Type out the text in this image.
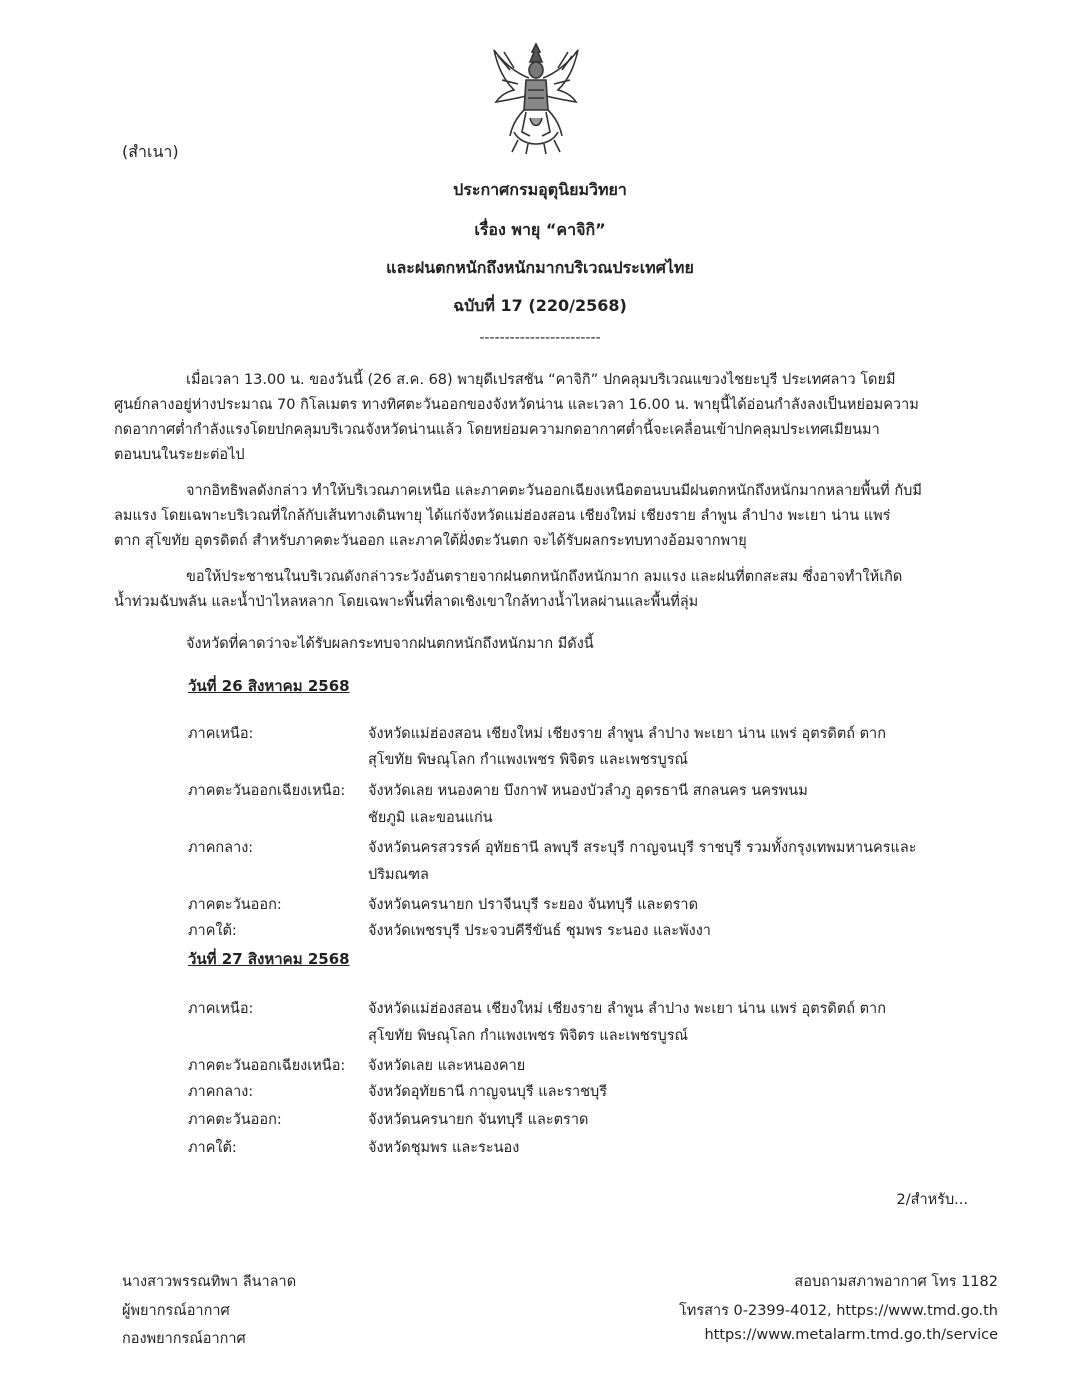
(สำเนา)
ประกาศกรมอุตุนิยมวิทยา
เรื่อง พายุ “คาจิกิ”
และฝนตกหนักถึงหนักมากบริเวณประเทศไทย
ฉบับที่ 17 (220/2568)
------------------------
เมื่อเวลา 13.00 น. ของวันนี้ (26 ส.ค. 68) พายุดีเปรสชัน “คาจิกิ” ปกคลุมบริเวณแขวงไชยะบุรี ประเทศลาว โดยมี
ศูนย์กลางอยู่ห่างประมาณ 70 กิโลเมตร ทางทิศตะวันออกของจังหวัดน่าน และเวลา 16.00 น. พายุนี้ได้อ่อนกำลังลงเป็นหย่อมความ
กดอากาศต่ำกำลังแรงโดยปกคลุมบริเวณจังหวัดน่านแล้ว โดยหย่อมความกดอากาศต่ำนี้จะเคลื่อนเข้าปกคลุมประเทศเมียนมา
ตอนบนในระยะต่อไป
จากอิทธิพลดังกล่าว ทำให้บริเวณภาคเหนือ และภาคตะวันออกเฉียงเหนือตอนบนมีฝนตกหนักถึงหนักมากหลายพื้นที่ กับมี
ลมแรง โดยเฉพาะบริเวณที่ใกล้กับเส้นทางเดินพายุ ได้แก่จังหวัดแม่ฮ่องสอน เชียงใหม่ เชียงราย ลำพูน ลำปาง พะเยา น่าน แพร่
ตาก สุโขทัย อุตรดิตถ์ สำหรับภาคตะวันออก และภาคใต้ฝั่งตะวันตก จะได้รับผลกระทบทางอ้อมจากพายุ
ขอให้ประชาชนในบริเวณดังกล่าวระวังอันตรายจากฝนตกหนักถึงหนักมาก ลมแรง และฝนที่ตกสะสม ซึ่งอาจทำให้เกิด
น้ำท่วมฉับพลัน และน้ำป่าไหลหลาก โดยเฉพาะพื้นที่ลาดเชิงเขาใกล้ทางน้ำไหลผ่านและพื้นที่ลุ่ม
จังหวัดที่คาดว่าจะได้รับผลกระทบจากฝนตกหนักถึงหนักมาก มีดังนี้
วันที่ 26 สิงหาคม 2568
ภาคเหนือ:	จังหวัดแม่ฮ่องสอน เชียงใหม่ เชียงราย ลำพูน ลำปาง พะเยา น่าน แพร่ อุตรดิตถ์ ตาก
สุโขทัย พิษณุโลก กำแพงเพชร พิจิตร และเพชรบูรณ์
ภาคตะวันออกเฉียงเหนือ: จังหวัดเลย หนองคาย บึงกาฬ หนองบัวลำภู อุดรธานี สกลนคร นครพนม
ชัยภูมิ และขอนแก่น
ภาคกลาง:	จังหวัดนครสวรรค์ อุทัยธานี ลพบุรี สระบุรี กาญจนบุรี ราชบุรี รวมทั้งกรุงเทพมหานครและ
ปริมณฑล
ภาคตะวันออก:	จังหวัดนครนายก ปราจีนบุรี ระยอง จันทบุรี และตราด
ภาคใต้:	จังหวัดเพชรบุรี ประจวบคีรีขันธ์ ชุมพร ระนอง และพังงา
วันที่ 27 สิงหาคม 2568
ภาคเหนือ:	จังหวัดแม่ฮ่องสอน เชียงใหม่ เชียงราย ลำพูน ลำปาง พะเยา น่าน แพร่ อุตรดิตถ์ ตาก
สุโขทัย พิษณุโลก กำแพงเพชร พิจิตร และเพชรบูรณ์
ภาคตะวันออกเฉียงเหนือ: จังหวัดเลย และหนองคาย
ภาคกลาง:	จังหวัดอุทัยธานี กาญจนบุรี และราชบุรี
ภาคตะวันออก:	จังหวัดนครนายก จันทบุรี และตราด
ภาคใต้:	จังหวัดชุมพร และระนอง
2/สำหรับ...
นางสาวพรรณทิพา ลีนาลาด
ผู้พยากรณ์อากาศ
กองพยากรณ์อากาศ
สอบถามสภาพอากาศ โทร 1182
โทรสาร 0-2399-4012, https://www.tmd.go.th
https://www.metalarm.tmd.go.th/service
